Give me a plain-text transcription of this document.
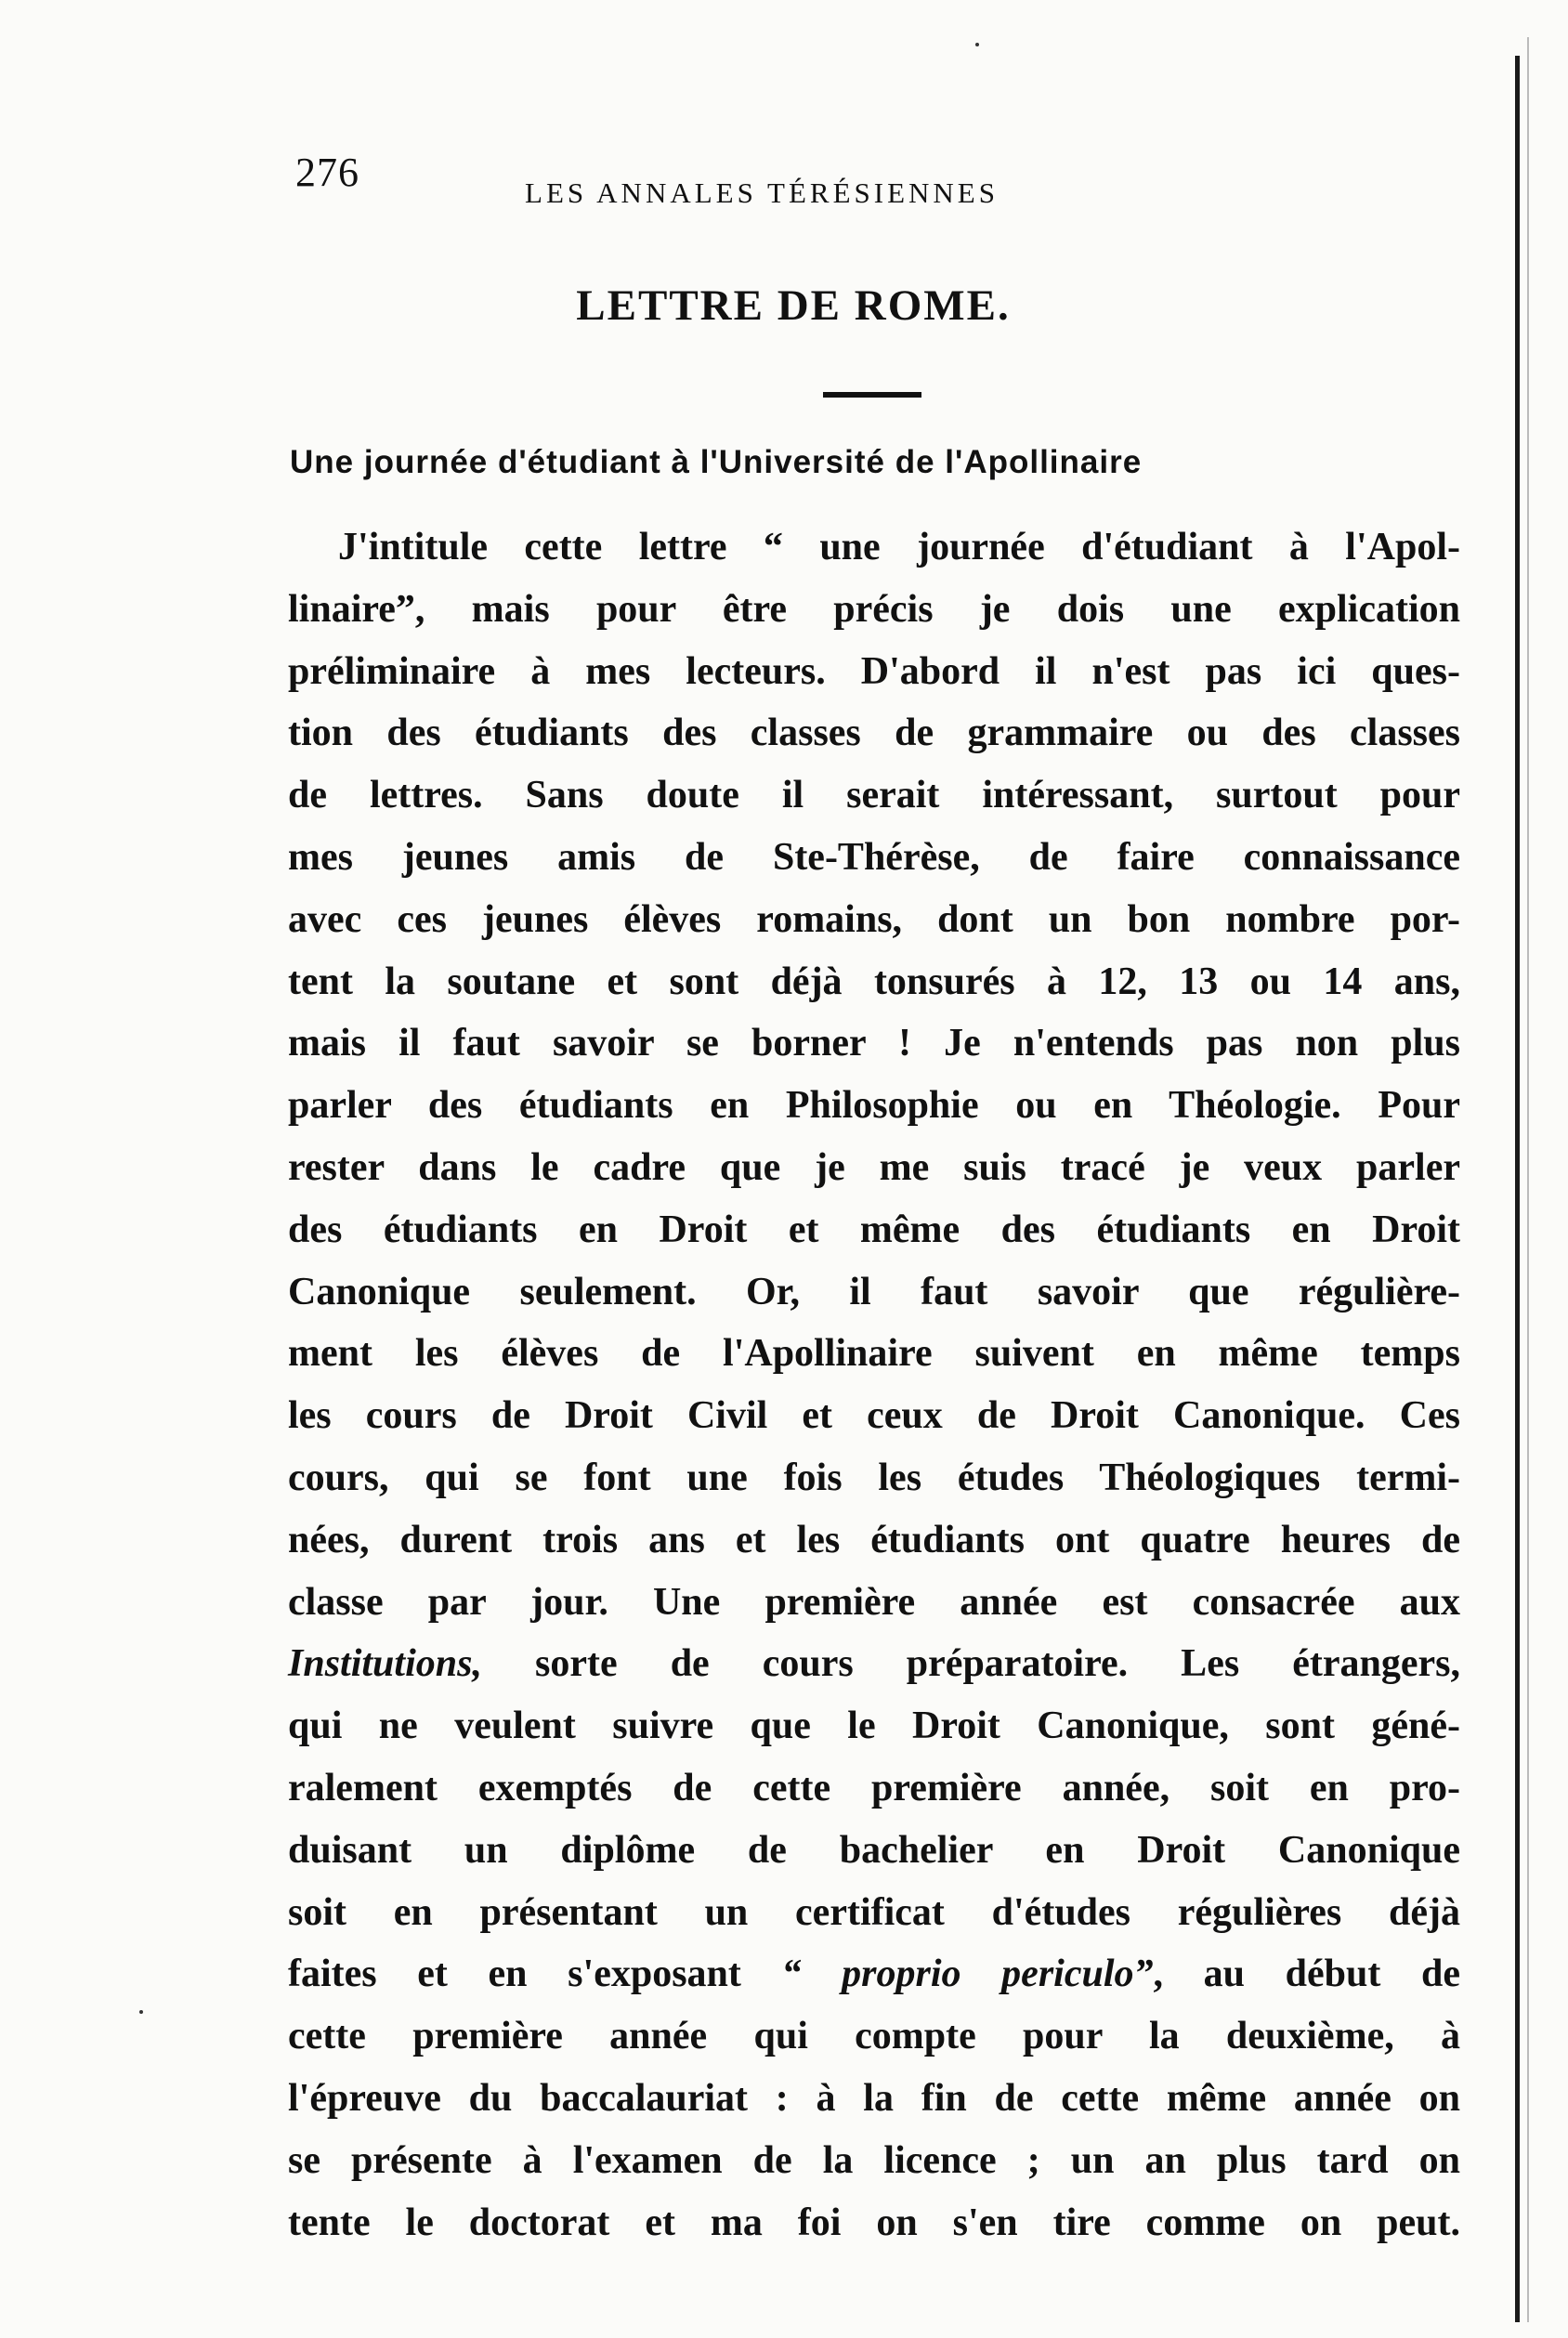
276	LES ANNALES TÉRÉSIENNES
LETTRE DE ROME.
Une journée d'étudiant à l'Université de l'Apollinaire
J'intitule cette lettre “ une journée d'étudiant à l'Apol-
linaire”, mais pour être précis je dois une explication
préliminaire à mes lecteurs. D'abord il n'est pas ici ques-
tion des étudiants des classes de grammaire ou des classes
de lettres. Sans doute il serait intéressant, surtout pour
mes jeunes amis de Ste-Thérèse, de faire connaissance
avec ces jeunes élèves romains, dont un bon nombre por-
tent la soutane et sont déjà tonsurés à 12, 13 ou 14 ans,
mais il faut savoir se borner ! Je n'entends pas non plus
parler des étudiants en Philosophie ou en Théologie. Pour
rester dans le cadre que je me suis tracé je veux parler
des étudiants en Droit et même des étudiants en Droit
Canonique seulement. Or, il faut savoir que régulière-
ment les élèves de l'Apollinaire suivent en même temps
les cours de Droit Civil et ceux de Droit Canonique. Ces
cours, qui se font une fois les études Théologiques termi-
nées, durent trois ans et les étudiants ont quatre heures de
classe par jour. Une première année est consacrée aux
Institutions, sorte de cours préparatoire. Les étrangers,
qui ne veulent suivre que le Droit Canonique, sont géné-
ralement exemptés de cette première année, soit en pro-
duisant un diplôme de bachelier en Droit Canonique
soit en présentant un certificat d'études régulières déjà
faites et en s'exposant “ proprio periculo”, au début de
cette première année qui compte pour la deuxième, à
l'épreuve du baccalauriat : à la fin de cette même année on
se présente à l'examen de la licence ; un an plus tard on
tente le doctorat et ma foi on s'en tire comme on peut.
